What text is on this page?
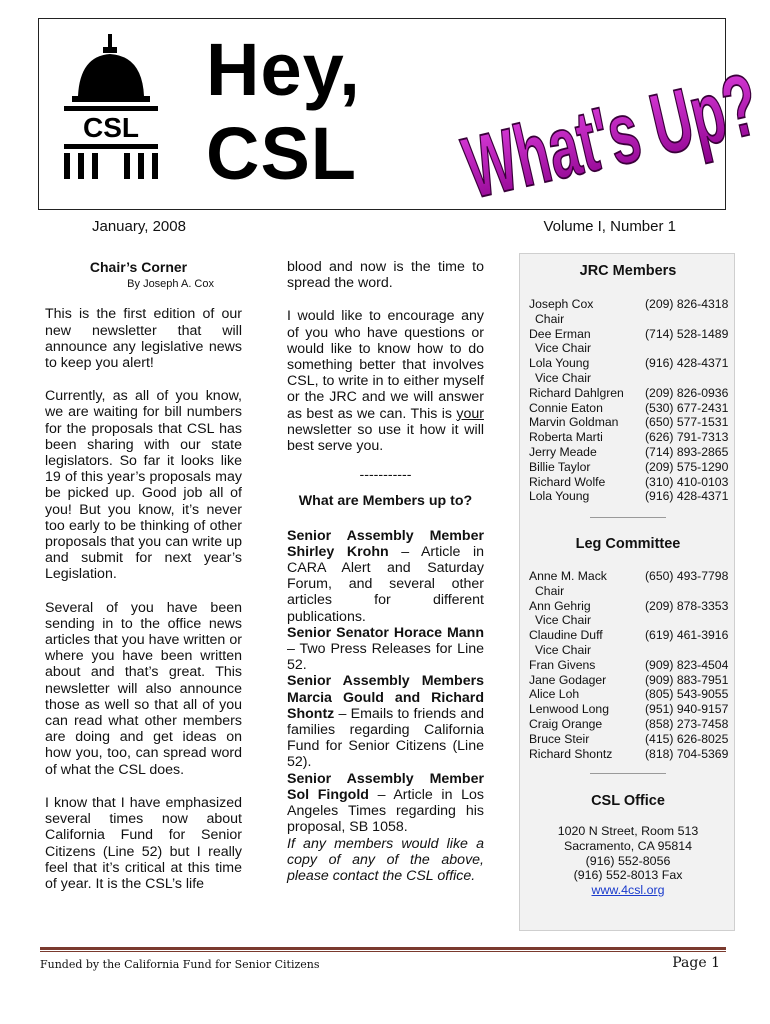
CSL
Hey,
CSL What's Up?
January, 2008	Volume I, Number 1
Chair’s Corner
By Joseph A. Cox

This is the first edition of our new newsletter that will announce any legislative news to keep you alert!

Currently, as all of you know, we are waiting for bill numbers for the proposals that CSL has been sharing with our state legislators. So far it looks like 19 of this year’s proposals may be picked up. Good job all of you! But you know, it’s never too early to be thinking of other proposals that you can write up and submit for next year’s Legislation.

Several of you have been sending in to the office news articles that you have written or where you have been written about and that’s great. This newsletter will also announce those as well so that all of you can read what other members are doing and get ideas on how you, too, can spread word of what the CSL does.

I know that I have emphasized several times now about California Fund for Senior Citizens (Line 52) but I really feel that it’s critical at this time of year. It is the CSL’s life

blood and now is the time to spread the word.

I would like to encourage any of you who have questions or would like to know how to do something better that involves CSL, to write in to either myself or the JRC and we will answer as best as we can. This is your newsletter so use it how it will best serve you.

-----------
What are Members up to?

Senior Assembly Member Shirley Krohn – Article in CARA Alert and Saturday Forum, and several other articles for different publications.

Senior Senator Horace Mann – Two Press Releases for Line 52.

Senior Assembly Members Marcia Gould and Richard Shontz – Emails to friends and families regarding California Fund for Senior Citizens (Line 52).

Senior Assembly Member Sol Fingold – Article in Los Angeles Times regarding his proposal, SB 1058.

If any members would like a copy of any of the above, please contact the CSL office.

JRC Members
Joseph Cox	(209) 826-4318
Chair
Dee Erman	(714) 528-1489
Vice Chair
Lola Young	(916) 428-4371
Vice Chair
Richard Dahlgren (209) 826-0936
Connie Eaton	(530) 677-2431
Marvin Goldman (650) 577-1531
Roberta Marti	(626) 791-7313
Jerry Meade	(714) 893-2865
Billie Taylor	(209) 575-1290
Richard Wolfe	(310) 410-0103
Lola Young	(916) 428-4371
Leg Committee
Anne M. Mack	(650) 493-7798
Chair
Ann Gehrig	(209) 878-3353
Vice Chair
Claudine Duff	(619) 461-3916
Vice Chair
Fran Givens	(909) 823-4504
Jane Godager	(909) 883-7951
Alice Loh	(805) 543-9055
Lenwood Long	(951) 940-9157
Craig Orange	(858) 273-7458
Bruce Steir	(415) 626-8025
Richard Shontz	(818) 704-5369
CSL Office
1020 N Street, Room 513
Sacramento, CA 95814
(916) 552-8056
(916) 552-8013 Fax
www.4csl.org
Funded by the California Fund for Senior Citizens	Page 1
